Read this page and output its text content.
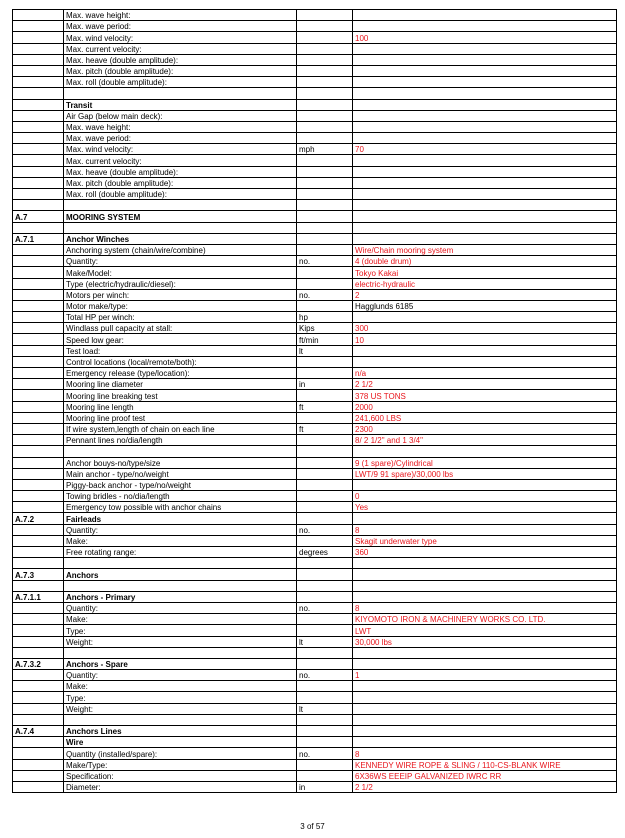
	Max. wave height:		
	Max. wave period:		
	Max. wind velocity:		100
	Max. current velocity:		
	Max. heave (double amplitude):		
	Max. pitch (double amplitude):		
	Max. roll (double amplitude):		

	Transit		
	Air Gap (below main deck):		
	Max. wave height:		
	Max. wave period:		
	Max. wind velocity:	mph	70
	Max. current velocity:		
	Max. heave (double amplitude):		
	Max. pitch (double amplitude):		
	Max. roll (double amplitude):		

A.7	MOORING SYSTEM		

A.7.1	Anchor Winches		
	Anchoring system (chain/wire/combine)		Wire/Chain mooring system
	Quantity:	no.	4 (double drum)
	Make/Model:		Tokyo Kakai
	Type (electric/hydraulic/diesel):		electric-hydraulic
	Motors per winch:	no.	2
	Motor make/type:		Hagglunds 6185
	Total HP per winch:	hp	
	Windlass pull capacity at stall:	Kips	300
	Speed low gear:	ft/min	10
	Test load:	lt	
	Control locations (local/remote/both):		
	Emergency release (type/location):		n/a
	Mooring line diameter	in	2 1/2
	Mooring line breaking test		378 US TONS
	Mooring line length	ft	2000
	Mooring line proof test		241,600 LBS
	If wire system,length of chain on each line	ft	2300
	Pennant lines no/dia/length		8/ 2 1/2" and 1 3/4"

	Anchor bouys-no/type/size		9 (1 spare)/Cylindrical
	Main anchor - type/no/weight		LWT/9 91 spare)/30,000 lbs
	Piggy-back anchor - type/no/weight		
	Towing bridles - no/dia/length		0
	Emergency tow possible with anchor chains		Yes
A.7.2	Fairleads		
	Quantity:	no.	8
	Make:		Skagit underwater type
	Free rotating range:	degrees	360

A.7.3	Anchors		

A.7.1.1	Anchors - Primary		
	Quantity:	no.	8
	Make:		KIYOMOTO IRON & MACHINERY WORKS CO. LTD.
	Type:		LWT
	Weight:	lt	30,000 lbs

A.7.3.2	Anchors - Spare		
	Quantity:	no.	1
	Make:		
	Type:		
	Weight:	lt	

A.7.4	Anchors Lines		
	Wire		
	Quantity (installed/spare):	no.	8
	Make/Type:		KENNEDY WIRE ROPE & SLING / 110-CS-BLANK WIRE
	Specification:		6X36WS EEEIP GALVANIZED IWRC RR
	Diameter:	in	2 1/2
3 of 57
